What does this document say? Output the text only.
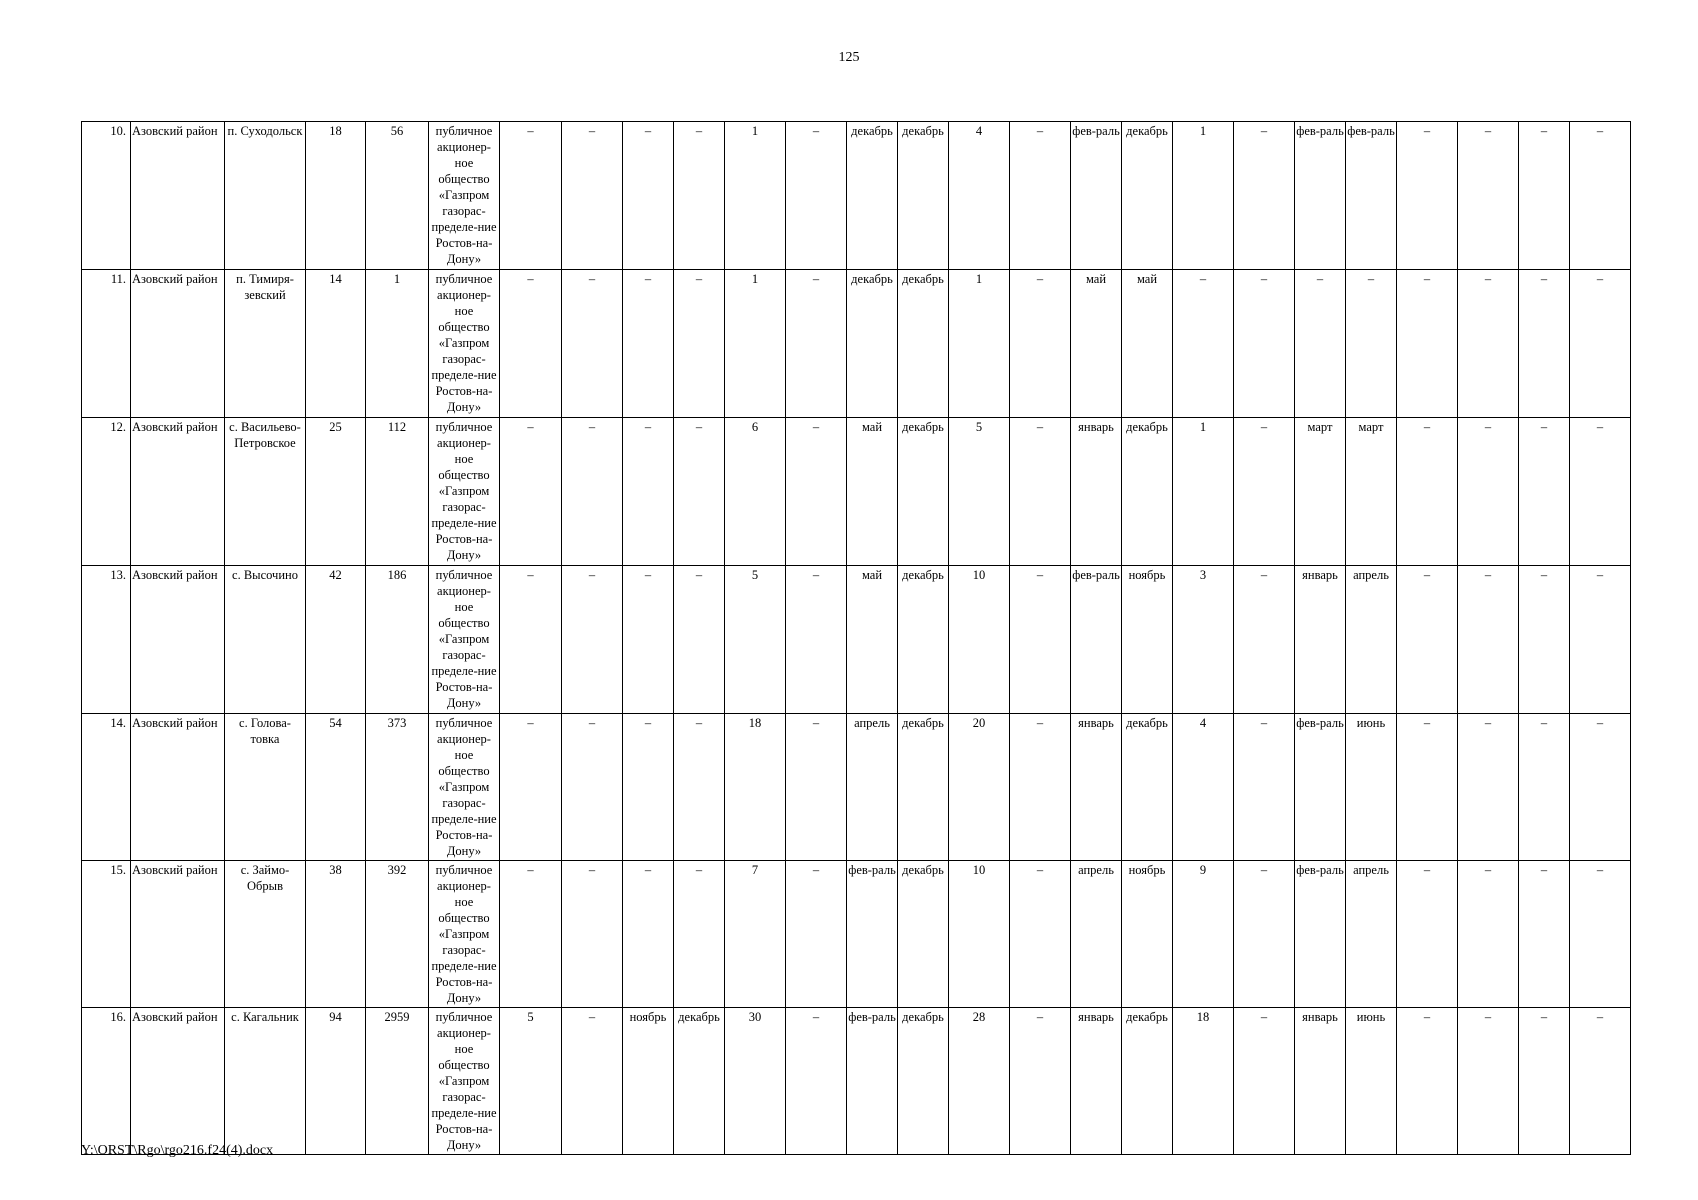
125
10.	Азовский район	п. Суходольск	18	56	публичное акционер-ное общество «Газпром газорас-пределе-ние Ростов-на-Дону»	–	–	–	–	1	–	декабрь	декабрь	4	–	фев-раль	декабрь	1	–	фев-раль	фев-раль	–	–	–	–
11.	Азовский район	п. Тимиря-зевский	14	1	публичное акционер-ное общество «Газпром газорас-пределе-ние Ростов-на-Дону»	–	–	–	–	1	–	декабрь	декабрь	1	–	май	май	–	–	–	–	–	–	–	–
12.	Азовский район	с. Васильево-Петровское	25	112	публичное акционер-ное общество «Газпром газорас-пределе-ние Ростов-на-Дону»	–	–	–	–	6	–	май	декабрь	5	–	январь	декабрь	1	–	март	март	–	–	–	–
13.	Азовский район	с. Высочино	42	186	публичное акционер-ное общество «Газпром газорас-пределе-ние Ростов-на-Дону»	–	–	–	–	5	–	май	декабрь	10	–	фев-раль	ноябрь	3	–	январь	апрель	–	–	–	–
14.	Азовский район	с. Голова-товка	54	373	публичное акционер-ное общество «Газпром газорас-пределе-ние Ростов-на-Дону»	–	–	–	–	18	–	апрель	декабрь	20	–	январь	декабрь	4	–	фев-раль	июнь	–	–	–	–
15.	Азовский район	с. Займо-Обрыв	38	392	публичное акционер-ное общество «Газпром газорас-пределе-ние Ростов-на-Дону»	–	–	–	–	7	–	фев-раль	декабрь	10	–	апрель	ноябрь	9	–	фев-раль	апрель	–	–	–	–
16.	Азовский район	с. Кагальник	94	2959	публичное акционер-ное общество «Газпром газорас-пределе-ние Ростов-на-Дону»	5	–	ноябрь	декабрь	30	–	фев-раль	декабрь	28	–	январь	декабрь	18	–	январь	июнь	–	–	–	–
Y:\ORST\Rgo\rgo216.f24(4).docx
